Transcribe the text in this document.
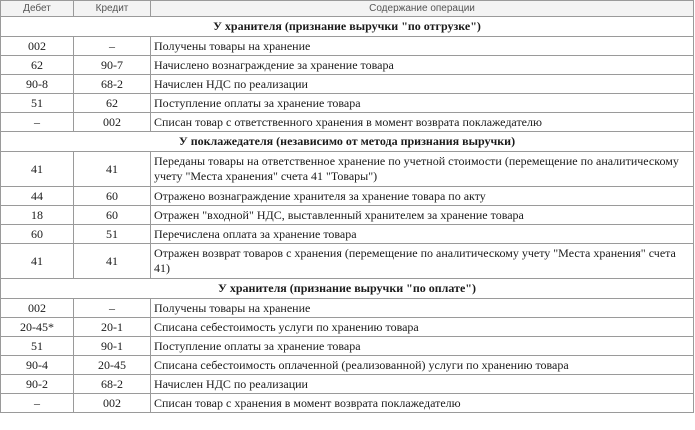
Дебет	Кредит	Содержание операции
У хранителя (признание выручки "по отгрузке")		
002	–	Получены товары на хранение
62	90-7	Начислено вознаграждение за хранение товара
90-8	68-2	Начислен НДС по реализации
51	62	Поступление оплаты за хранение товара
–	002	Списан товар с ответственного хранения в момент возврата поклажедателю
У поклажедателя (независимо от метода признания выручки)		
41	41	Переданы товары на ответственное хранение по учетной стоимости (перемещение по аналитическому учету "Места хранения" счета 41 "Товары")
44	60	Отражено вознаграждение хранителя за хранение товара по акту
18	60	Отражен "входной" НДС, выставленный хранителем за хранение товара
60	51	Перечислена оплата за хранение товара
41	41	Отражен возврат товаров с хранения (перемещение по аналитическому учету "Места хранения" счета 41)
У хранителя (признание выручки "по оплате")		
002	–	Получены товары на хранение
20-45*	20-1	Списана себестоимость услуги по хранению товара
51	90-1	Поступление оплаты за хранение товара
90-4	20-45	Списана себестоимость оплаченной (реализованной) услуги по хранению товара
90-2	68-2	Начислен НДС по реализации
–	002	Списан товар с хранения в момент возврата поклажедателю
